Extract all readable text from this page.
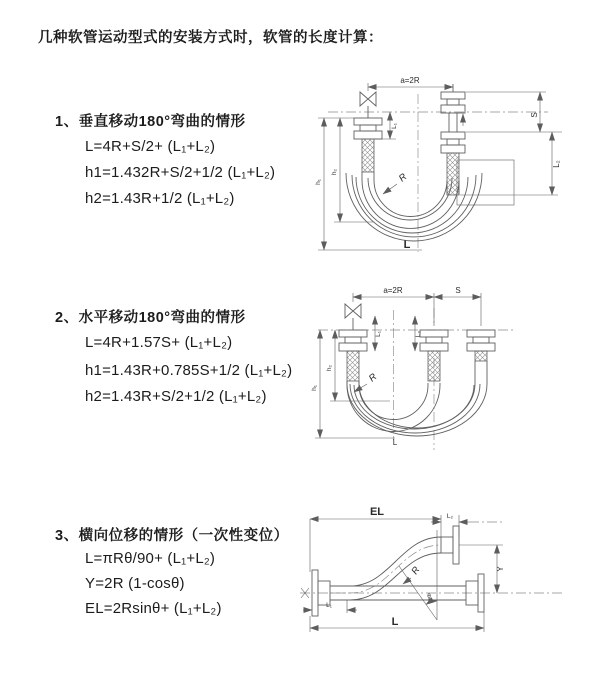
几种软管运动型式的安装方式时，软管的长度计算：
1、垂直移动180°弯曲的情形
L=4R+S/2+ (L₁+L₂)
h1=1.432R+S/2+1/2 (L₁+L₂)
h2=1.43R+1/2 (L₁+L₂)
2、水平移动180°弯曲的情形
L=4R+1.57S+ (L₁+L₂)
h1=1.43R+0.785S+1/2 (L₁+L₂)
h2=1.43R+S/2+1/2 (L₁+L₂)
3、横向位移的情形（一次性变位）
L=πRθ/90+ (L₁+L₂)
Y=2R (1-cosθ)
EL=2Rsinθ+ (L₁+L₂)
a=2R
S
L₂
L₁
h₁
h₂	R
L
a=2R	S
h₁
h₂
L₁	L₂
R
L
θ
R
EL	L₂
Y
L₁
L
